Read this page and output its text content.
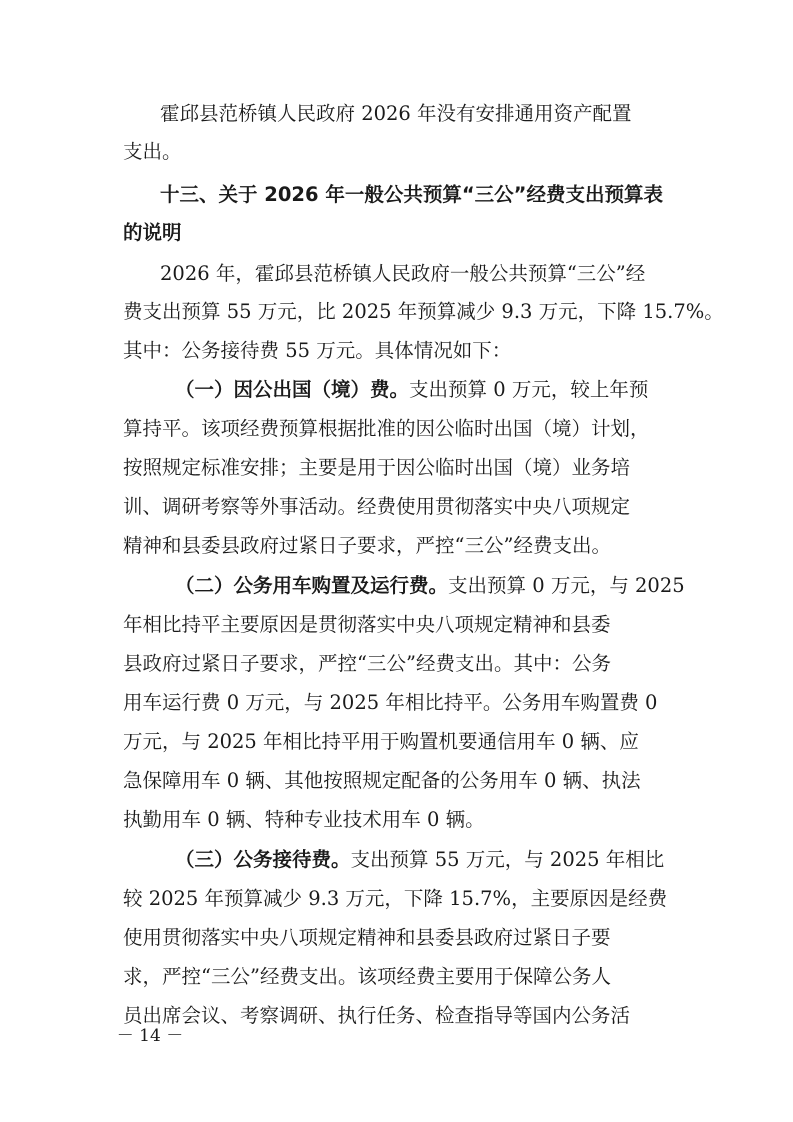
霍邱县范桥镇人民政府 2026 年没有安排通用资产配置
支出。
十三、关于 2026 年一般公共预算“三公”经费支出预算表
的说明
2026 年，霍邱县范桥镇人民政府一般公共预算“三公”经
费支出预算 55 万元，比 2025 年预算减少 9.3 万元，下降 15.7%。
其中：公务接待费 55 万元。具体情况如下：
（一）因公出国（境）费。支出预算 0 万元，较上年预
算持平。该项经费预算根据批准的因公临时出国（境）计划，
按照规定标准安排；主要是用于因公临时出国（境）业务培
训、调研考察等外事活动。经费使用贯彻落实中央八项规定
精神和县委县政府过紧日子要求，严控“三公”经费支出。
（二）公务用车购置及运行费。支出预算 0 万元，与 2025
年相比持平主要原因是贯彻落实中央八项规定精神和县委
县政府过紧日子要求，严控“三公”经费支出。其中：公务
用车运行费 0 万元，与 2025 年相比持平。公务用车购置费 0
万元，与 2025 年相比持平用于购置机要通信用车 0 辆、应
急保障用车 0 辆、其他按照规定配备的公务用车 0 辆、执法
执勤用车 0 辆、特种专业技术用车 0 辆。
（三）公务接待费。支出预算 55 万元，与 2025 年相比
较 2025 年预算减少 9.3 万元，下降 15.7%，主要原因是经费
使用贯彻落实中央八项规定精神和县委县政府过紧日子要
求，严控“三公”经费支出。该项经费主要用于保障公务人
员出席会议、考察调研、执行任务、检查指导等国内公务活
－ 14 －
